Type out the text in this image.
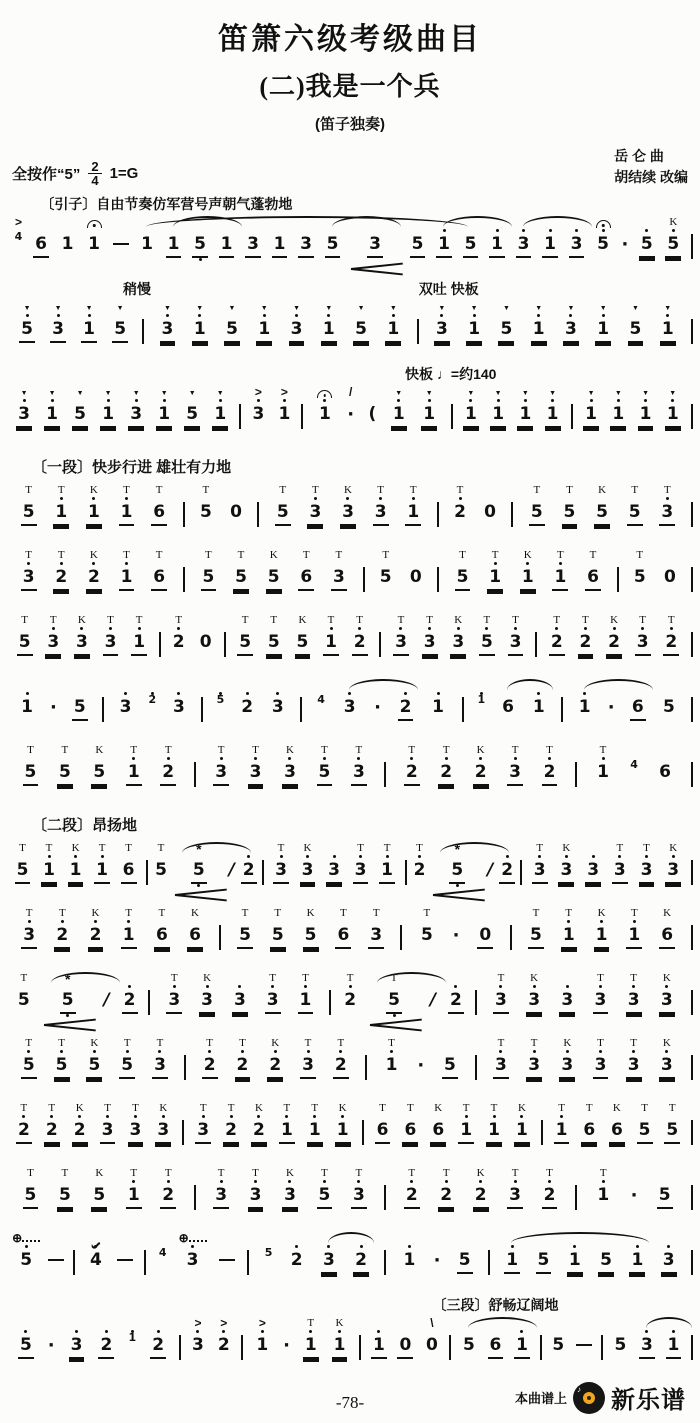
笛箫六级考级曲目
(二)我是一个兵
(笛子独奏)
全按作“5” $\frac{2}{4} 1=G$
岳 仑 曲
胡结续 改编
〔引子〕自由节奏仿军营号声朝气蓬勃地
>
4 6 1 1 1 1 5 1 3 1 3 5 3 5 1 5 1 3 1 3 5 · 5
K
5
稍慢	双吐 快板
▼
5
▼
3
▼
1
▼
5
▼
3
▼
1
▼
5
▼
1
▼
3
▼
1
▼
5
▼
1
▼
3
▼
1
▼
5
▼
1
▼
3
▼
1
▼
5
▼
1
快板 ♩=约140
▼
3
▼
1
▼
5
▼
1
▼
3
▼
1
▼
5
▼
1
>
3
>
1 1
/
· (
▼
1
▼
1
▼
1
▼
1
▼
1
▼
1
▼
1
▼
1
▼
1
▼
1
〔一段〕快步行进 雄壮有力地
T
5
T
1
K
1
T
1
T
6
T
5 0
T
5
T
3
K
3
T
3
T
1
T
2 0
T
5
T
5
K
5
T
5
T
3
T
3
T
2
K
2
T
1
T
6
T
5
T
5
K
5
T
6
T
3
T
5 0
T
5
T
1
K
1
T
1
T
6
T
5 0
T
5
T
3
K
3
T
3
T
1
T
2 0
T
5
T
5
K
5
T
1
T
2
T
3
T
3
K
3
T
5
T
3
T
2
T
2
K
2
T
3
T
2
1 · 5 3 2 3	5 2 3	4 3 · 2 1	1 6 1 1 · 6 5
T
5
T
5
K
5
T
1
T
2
T
3
T
3
K
3
T
5
T
3
T
2
T
2
K
2
T
3
T
2
T
1 4 6
〔二段〕昂扬地
T
5
T
1
K
1
T
1
T
6
T
5
*
5 / 2
T
3
K
3 3
T
3
T
1
T
2
*
5 / 2
T
3
K
3 3
T
3
T
3
K
3
T
3
T
2
K
2
T
1
T
6
K
6
T
5
T
5
K
5
T
6
T
3
T
5 · 0
T
5
T
1
K
1
T
1
K
6
T
5
*
5 / 2
T
3
K
3 3
T
3
T
1
T
2
T
5 / 2
T
3
K
3 3
T
3
T
3
K
3
T
5
T
5
K
5
T
5
T
3
T
2
T
2
K
2
T
3
T
2
T
1 · 5
T
3
T
3
K
3
T
3
T
3
K
3
T
2
T
2
K
2
T
3
T
3
K
3
T
3
T
2
K
2
T
1
T
1
K
1
T
6
T
6
K
6
T
1
T
1
K
1
T
1
T
6
K
6
T
5
T
5
T
5
T
5
K
5
T
1
T
2
T
3
T
3
K
3
T
5
T
3
T
2
T
2
K
2
T
3
T
2
T
1 · 5
⊕
5
	4	4
⊕
3	5 2 3 2 1 · 5 1 5 1 5 1 3
〔三段〕舒畅辽阔地
5 · 3 2 1 2
>
3
>
2
>
1 ·
T
1
K
1 1 0
\
0 5 6 1 5	5 3 1
-78-	本曲谱上
♪ 新乐谱
